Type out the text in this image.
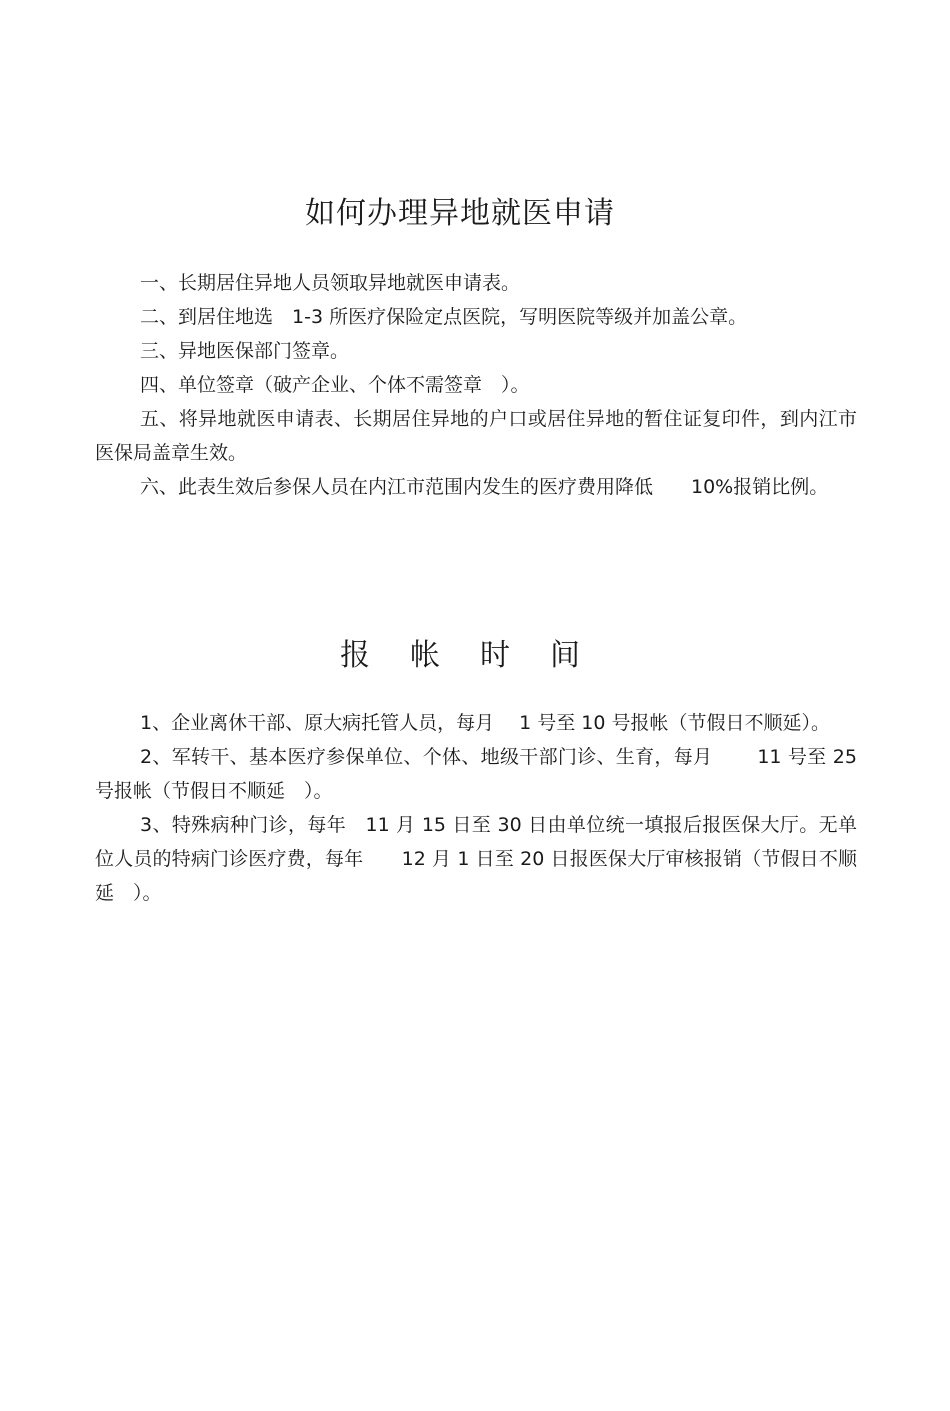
如何办理异地就医申请

一、长期居住异地人员领取异地就医申请表。

二、到居住地选　1-3 所医疗保险定点医院，写明医院等级并加盖公章。

三、异地医保部门签章。

四、单位签章（破产企业、个体不需签章　）。

五、将异地就医申请表、长期居住异地的户口或居住异地的暂住证复印件，到内江市医保局盖章生效。

六、此表生效后参保人员在内江市范围内发生的医疗费用降低　　10%报销比例。

报 帐 时 间

1、企业离休干部、原大病托管人员，每月　 1 号至 10 号报帐（节假日不顺延）。

2、军转干、基本医疗参保单位、个体、地级干部门诊、生育，每月　　 11 号至 25 号报帐（节假日不顺延　）。

3、特殊病种门诊，每年　11 月 15 日至 30 日由单位统一填报后报医保大厅。无单位人员的特病门诊医疗费，每年　　12 月 1 日至 20 日报医保大厅审核报销（节假日不顺延　）。
